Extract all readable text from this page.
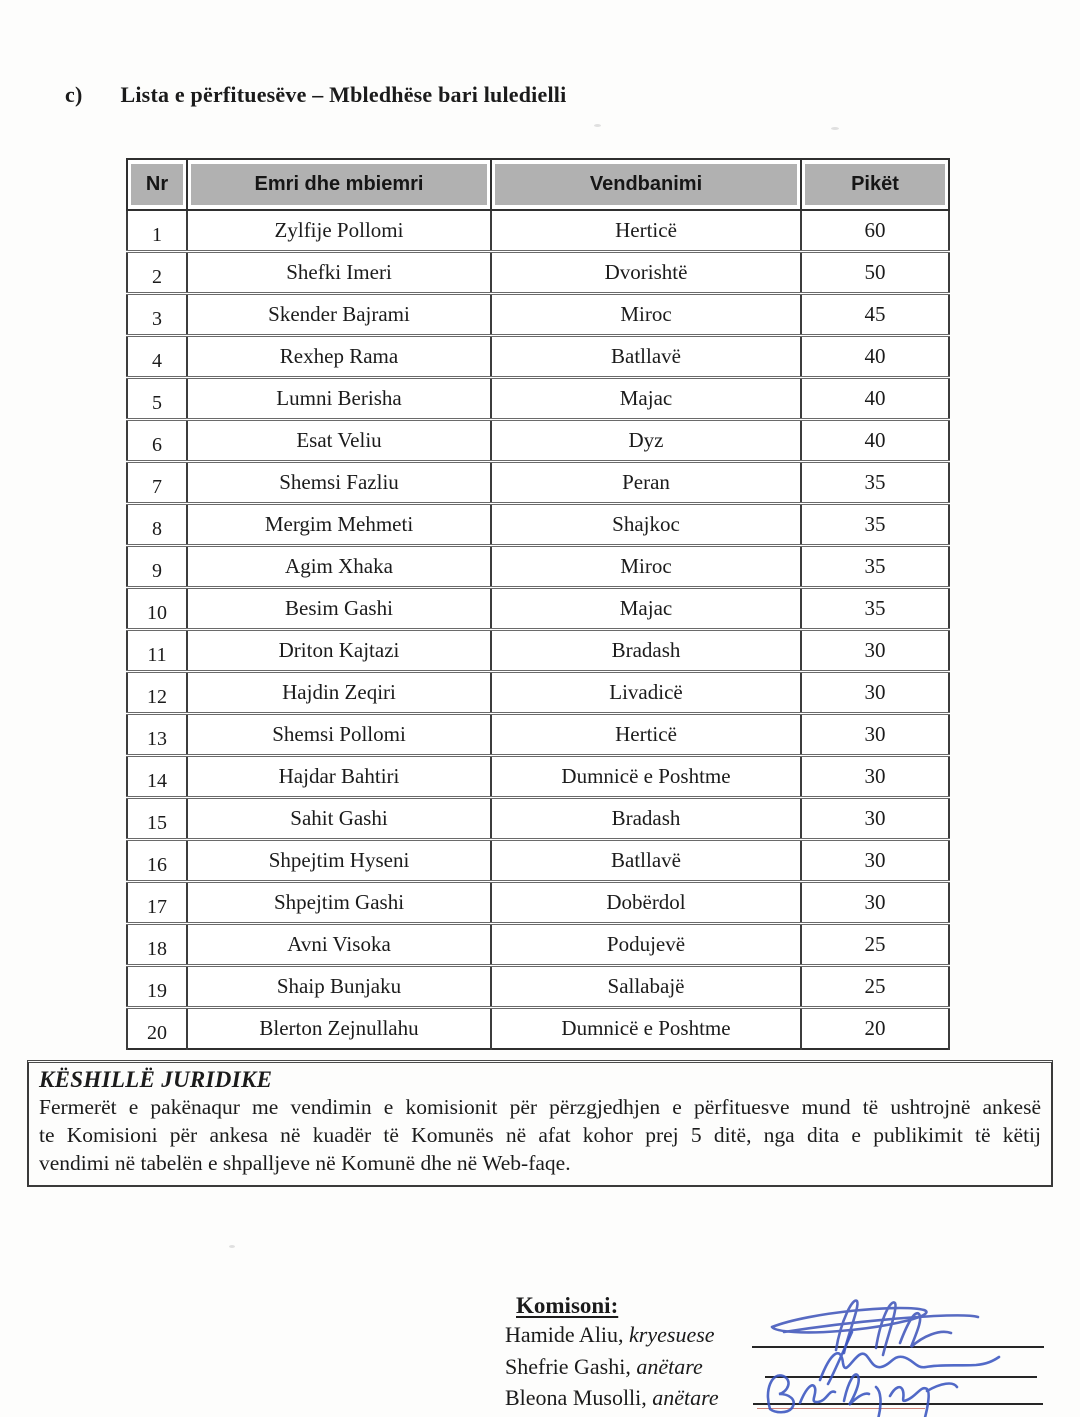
c) Lista e përfituesëve – Mbledhëse bari luledielli
Nr	Emri dhe mbiemri	Vendbanimi	Pikët

1	Zylfije Pollomi	Herticë	60
2	Shefki Imeri	Dvorishtë	50
3	Skender Bajrami	Miroc	45
4	Rexhep Rama	Batllavë	40
5	Lumni Berisha	Majac	40
6	Esat Veliu	Dyz	40
7	Shemsi Fazliu	Peran	35
8	Mergim Mehmeti	Shajkoc	35
9	Agim Xhaka	Miroc	35
10	Besim Gashi	Majac	35
11	Driton Kajtazi	Bradash	30
12	Hajdin Zeqiri	Livadicë	30
13	Shemsi Pollomi	Herticë	30
14	Hajdar Bahtiri	Dumnicë e Poshtme	30
15	Sahit Gashi	Bradash	30
16	Shpejtim Hyseni	Batllavë	30
17	Shpejtim Gashi	Dobërdol	30
18	Avni Visoka	Podujevë	25
19	Shaip Bunjaku	Sallabajë	25
20	Blerton Zejnullahu	Dumnicë e Poshtme	20
KËSHILLË JURIDIKE
Fermerët e pakënaqur me vendimin e komisionit për përzgjedhjen e përfituesve mund të ushtrojnë ankesë
te Komisioni për ankesa në kuadër të Komunës në afat kohor prej 5 ditë, nga dita e publikimit të këtij
vendimi në tabelën e shpalljeve në Komunë dhe në Web-faqe.
Komisoni:
Hamide Aliu, kryesuese
Shefrie Gashi, anëtare
Bleona Musolli, anëtare
